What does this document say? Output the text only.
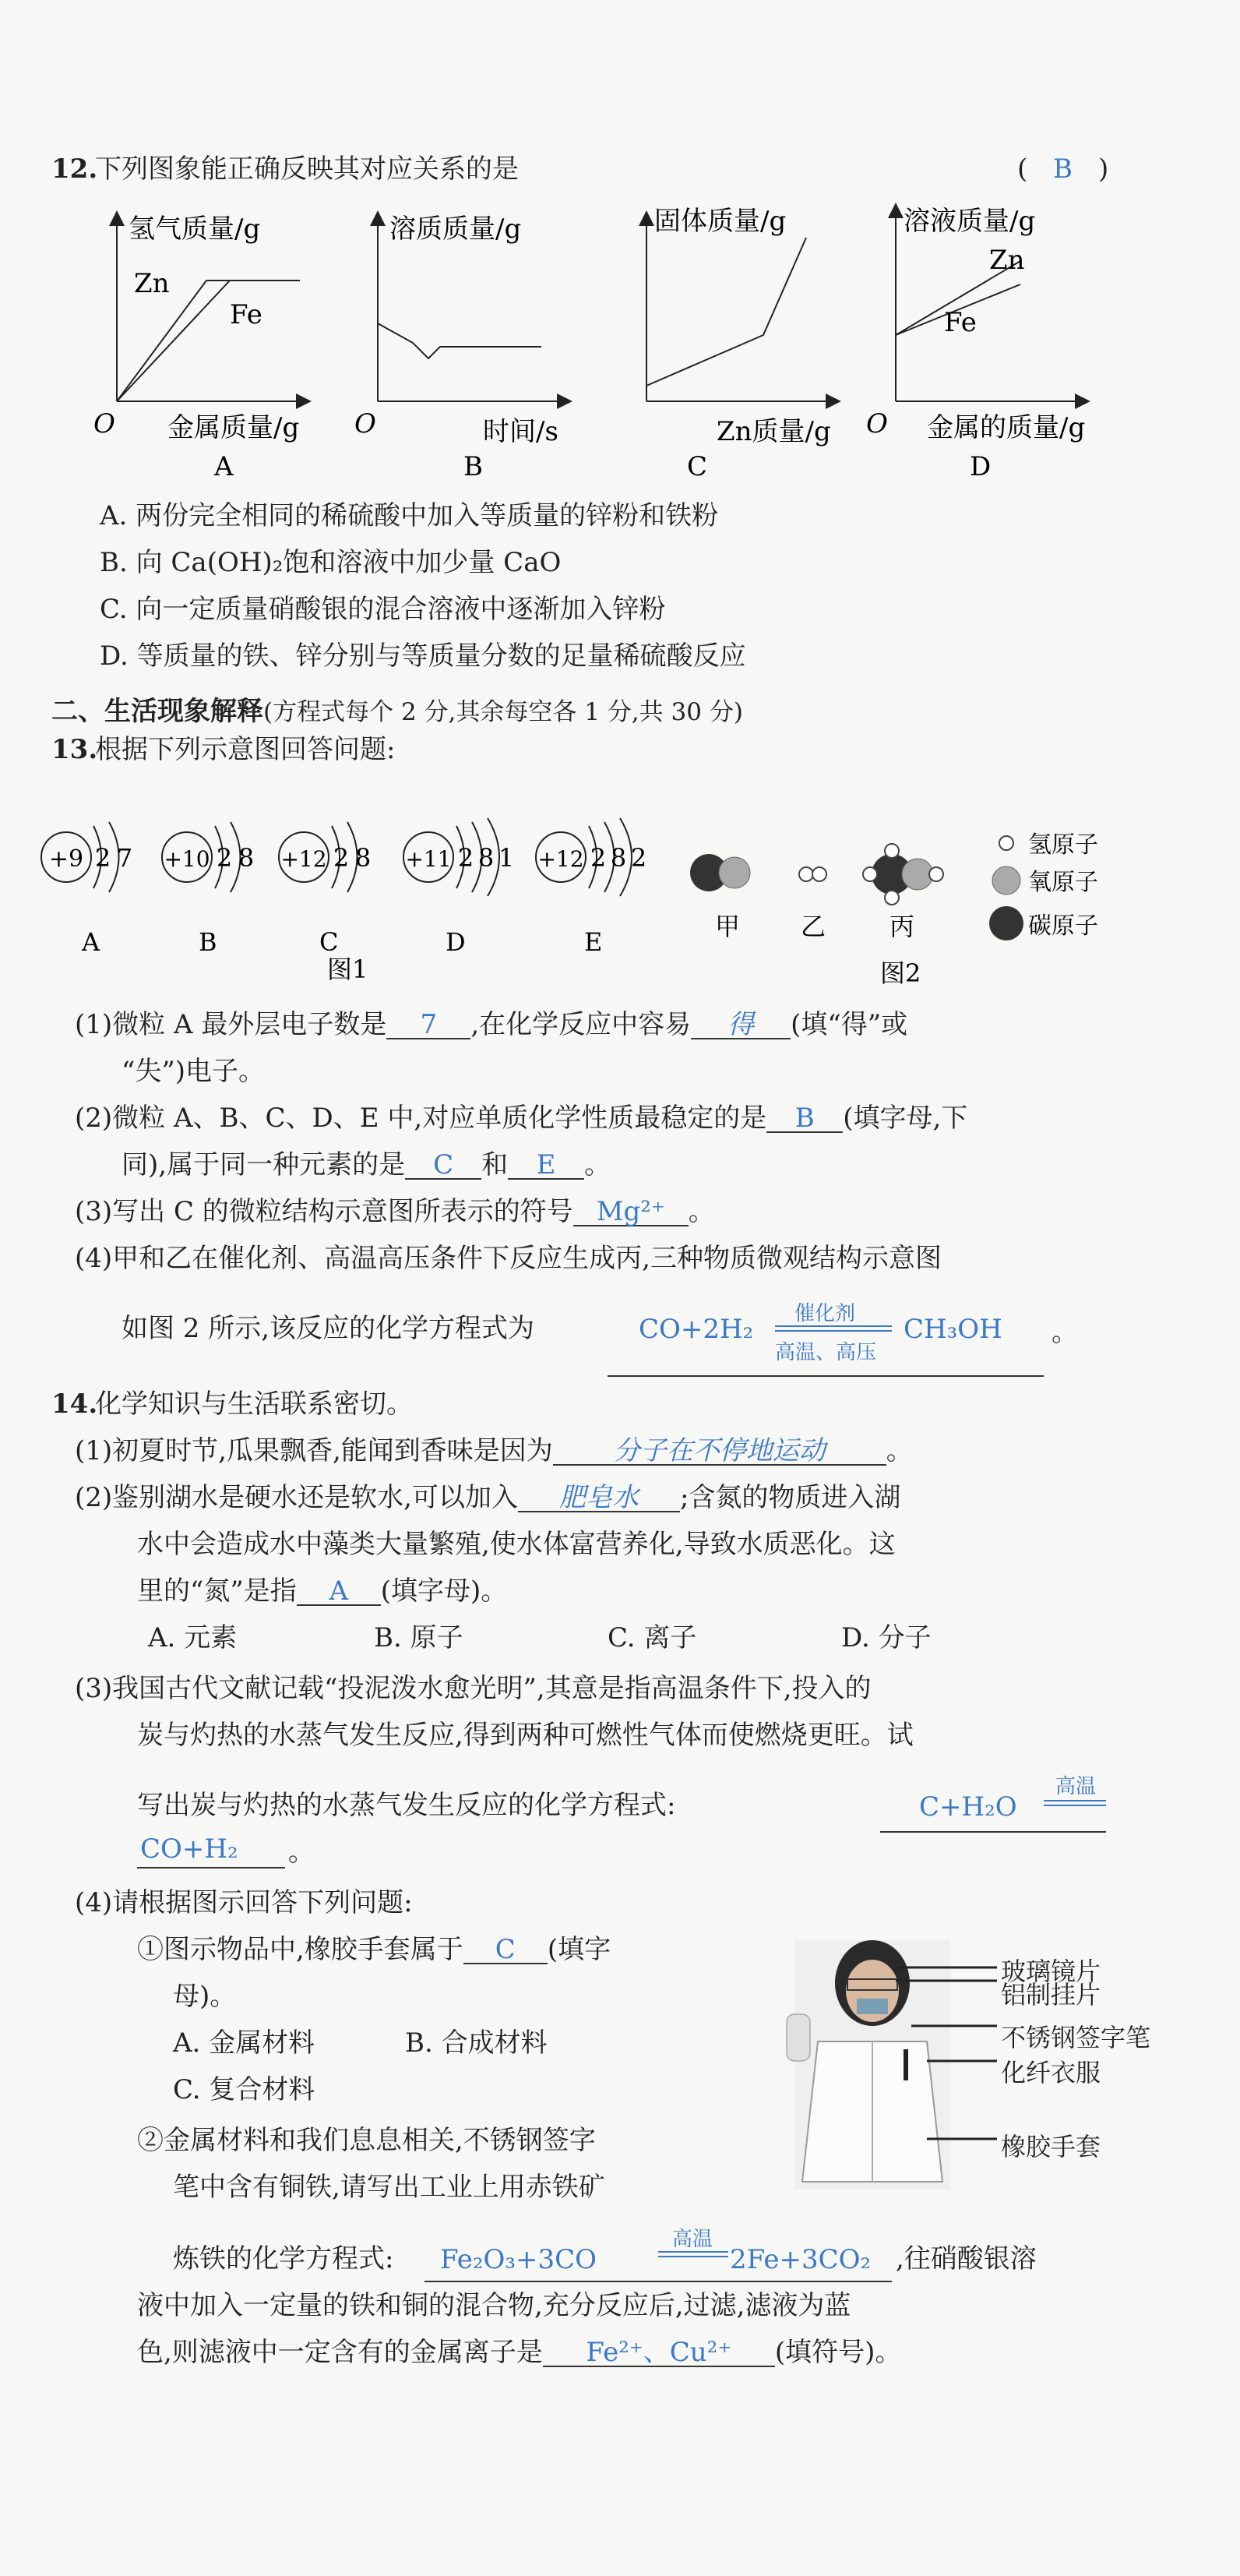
12.
下列图象能正确反映其对应关系的是	( B )
氢气质量/g
O 金属质量/g
A
Zn
Fe
溶质质量/g
O	时间/s
B
固体质量/g
Zn质量/g
C
溶液质量/g
O 金属的质量/g
D
Zn
Fe
A. 两份完全相同的稀硫酸中加入等质量的锌粉和铁粉
B. 向 Ca(OH)₂饱和溶液中加少量 CaO
C. 向一定质量硝酸银的混合溶液中逐渐加入锌粉
D. 等质量的铁、锌分别与等质量分数的足量稀硫酸反应
二、生活现象解释(方程式每个 2 分,其余每空各 1 分,共 30 分)
13.
根据下列示意图回答问题:
+9 2 7
A
+10 2 8
B
+12 2 8
C
+11 2 8 1
D
+12 2 8 2
E
图1
甲 乙	丙
氢原子
氧原子
碳原子
图2
(1)微粒 A 最外层电子数是 7 ,在化学反应中容易 得 (填“得”或
“失”)电子。
(2)微粒 A、B、C、D、E 中,对应单质化学性质最稳定的是 B (填字母,下
同),属于同一种元素的是 C 和 E 。
(3)写出 C 的微粒结构示意图所表示的符号 Mg²⁺ 。
(4)甲和乙在催化剂、高温高压条件下反应生成丙,三种物质微观结构示意图
如图 2 所示,该反应的化学方程式为	CO+2H₂ 催化剂
高温、高压
CH₃OH 。
14.
化学知识与生活联系密切。
(1)初夏时节,瓜果飘香,能闻到香味是因为 分子在不停地运动 。
(2)鉴别湖水是硬水还是软水,可以加入 肥皂水 ;含氮的物质进入湖
水中会造成水中藻类大量繁殖,使水体富营养化,导致水质恶化。这
里的“氮”是指 A (填字母)。
A. 元素	B. 原子	C. 离子	D. 分子
(3)我国古代文献记载“投泥泼水愈光明”,其意是指高温条件下,投入的
炭与灼热的水蒸气发生反应,得到两种可燃性气体而使燃烧更旺。试
写出炭与灼热的水蒸气发生反应的化学方程式:	C+H₂O
高温
CO+H₂ 。
(4)请根据图示回答下列问题:
①图示物品中,橡胶手套属于 C (填字
母)。
A. 金属材料	B. 合成材料
C. 复合材料
②金属材料和我们息息相关,不锈钢签字
笔中含有铜铁,请写出工业上用赤铁矿
玻璃镜片
铝制挂片
不锈钢签字笔
化纤衣服
橡胶手套
炼铁的化学方程式: Fe₂O₃+3CO
高温
2Fe+3CO₂ ,往硝酸银溶
液中加入一定量的铁和铜的混合物,充分反应后,过滤,滤液为蓝
色,则滤液中一定含有的金属离子是 Fe²⁺、Cu²⁺ (填符号)。
